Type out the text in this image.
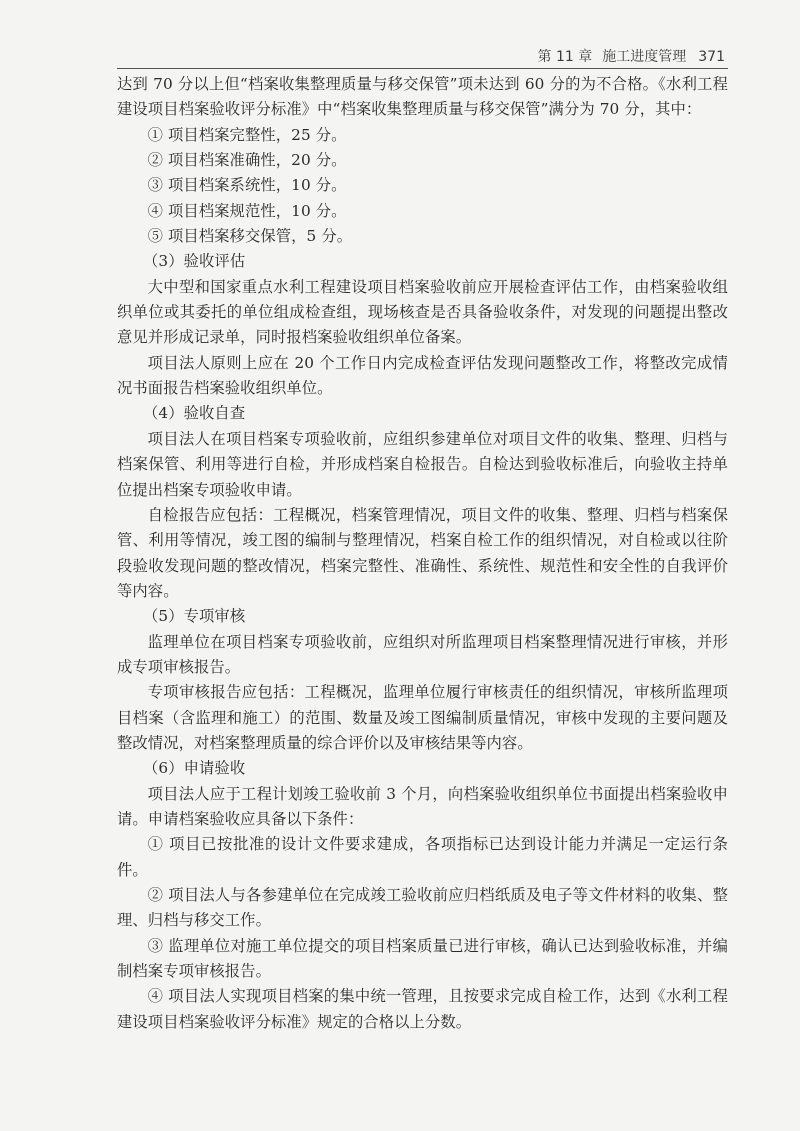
第 11 章 施工进度管理 371

达到 70 分以上但“档案收集整理质量与移交保管”项未达到 60 分的为不合格。《水利工程建设项目档案验收评分标准》中“档案收集整理质量与移交保管”满分为 70 分，其中：

① 项目档案完整性，25 分。

② 项目档案准确性，20 分。

③ 项目档案系统性，10 分。

④ 项目档案规范性，10 分。

⑤ 项目档案移交保管，5 分。

（3）验收评估

大中型和国家重点水利工程建设项目档案验收前应开展检查评估工作，由档案验收组织单位或其委托的单位组成检查组，现场核查是否具备验收条件，对发现的问题提出整改意见并形成记录单，同时报档案验收组织单位备案。

项目法人原则上应在 20 个工作日内完成检查评估发现问题整改工作，将整改完成情况书面报告档案验收组织单位。

（4）验收自查

项目法人在项目档案专项验收前，应组织参建单位对项目文件的收集、整理、归档与档案保管、利用等进行自检，并形成档案自检报告。自检达到验收标准后，向验收主持单位提出档案专项验收申请。

自检报告应包括：工程概况，档案管理情况，项目文件的收集、整理、归档与档案保管、利用等情况，竣工图的编制与整理情况，档案自检工作的组织情况，对自检或以往阶段验收发现问题的整改情况，档案完整性、准确性、系统性、规范性和安全性的自我评价等内容。

（5）专项审核

监理单位在项目档案专项验收前，应组织对所监理项目档案整理情况进行审核，并形成专项审核报告。

专项审核报告应包括：工程概况，监理单位履行审核责任的组织情况，审核所监理项目档案（含监理和施工）的范围、数量及竣工图编制质量情况，审核中发现的主要问题及整改情况，对档案整理质量的综合评价以及审核结果等内容。

（6）申请验收

项目法人应于工程计划竣工验收前 3 个月，向档案验收组织单位书面提出档案验收申请。申请档案验收应具备以下条件：

① 项目已按批准的设计文件要求建成，各项指标已达到设计能力并满足一定运行条件。

② 项目法人与各参建单位在完成竣工验收前应归档纸质及电子等文件材料的收集、整理、归档与移交工作。

③ 监理单位对施工单位提交的项目档案质量已进行审核，确认已达到验收标准，并编制档案专项审核报告。

④ 项目法人实现项目档案的集中统一管理，且按要求完成自检工作，达到《水利工程建设项目档案验收评分标准》规定的合格以上分数。
